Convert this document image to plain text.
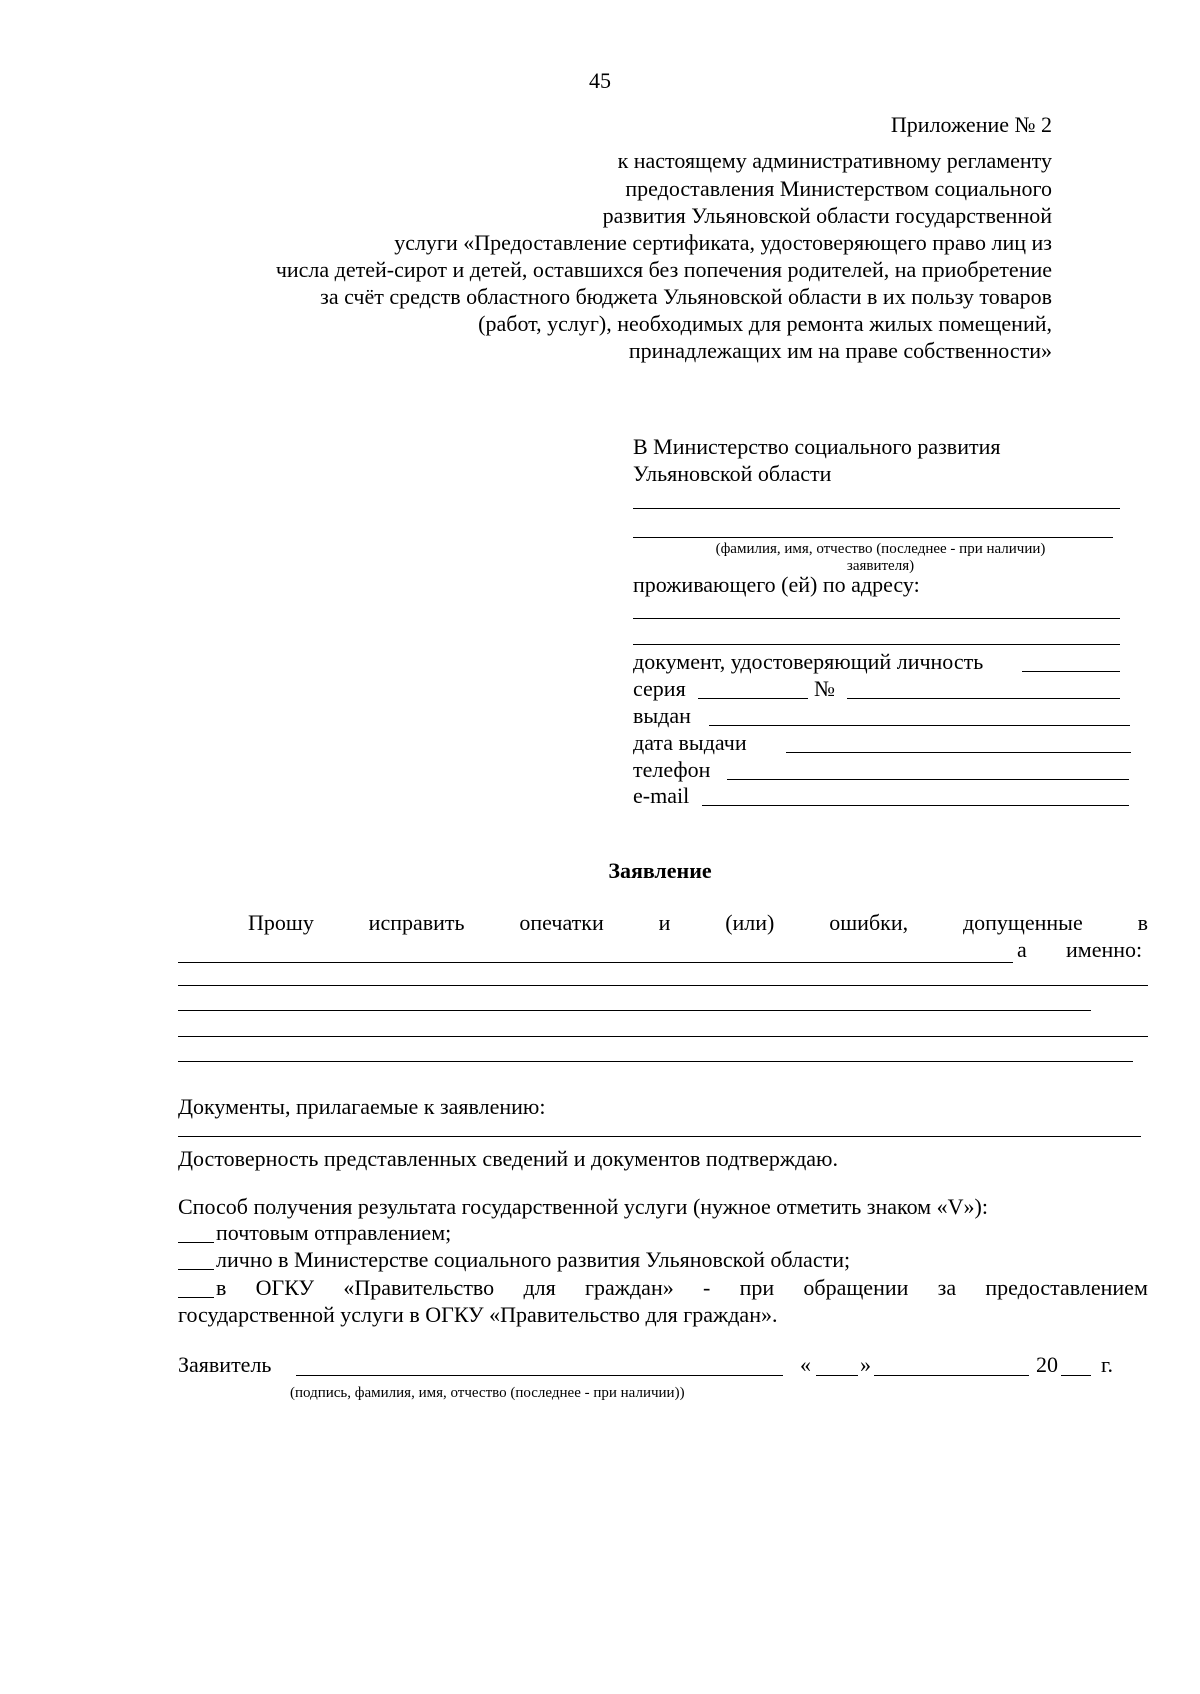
45
Приложение № 2
к настоящему административному регламенту
предоставления Министерством социального
развития Ульяновской области государственной
услуги «Предоставление сертификата, удостоверяющего право лиц из
числа детей-сирот и детей, оставшихся без попечения родителей, на приобретение
за счёт средств областного бюджета Ульяновской области в их пользу товаров
(работ, услуг), необходимых для ремонта жилых помещений,
принадлежащих им на праве собственности»
В Министерство социального развития
Ульяновской области
(фамилия, имя, отчество (последнее - при наличии)
заявителя)
проживающего (ей) по адресу:
документ, удостоверяющий личность
серия	№
выдан
дата выдачи
телефон
e-mail
Заявление
Прошу исправить опечатки и (или) ошибки, допущенные в
а именно:
Документы, прилагаемые к заявлению:
Достоверность представленных сведений и документов подтверждаю.
Способ получения результата государственной услуги (нужное отметить знаком «V»):
почтовым отправлением;
лично в Министерстве социального развития Ульяновской области;
в ОГКУ «Правительство для граждан» - при обращении за предоставлением
государственной услуги в ОГКУ «Правительство для граждан».
Заявитель	« »	20 г.
(подпись, фамилия, имя, отчество (последнее - при наличии))
